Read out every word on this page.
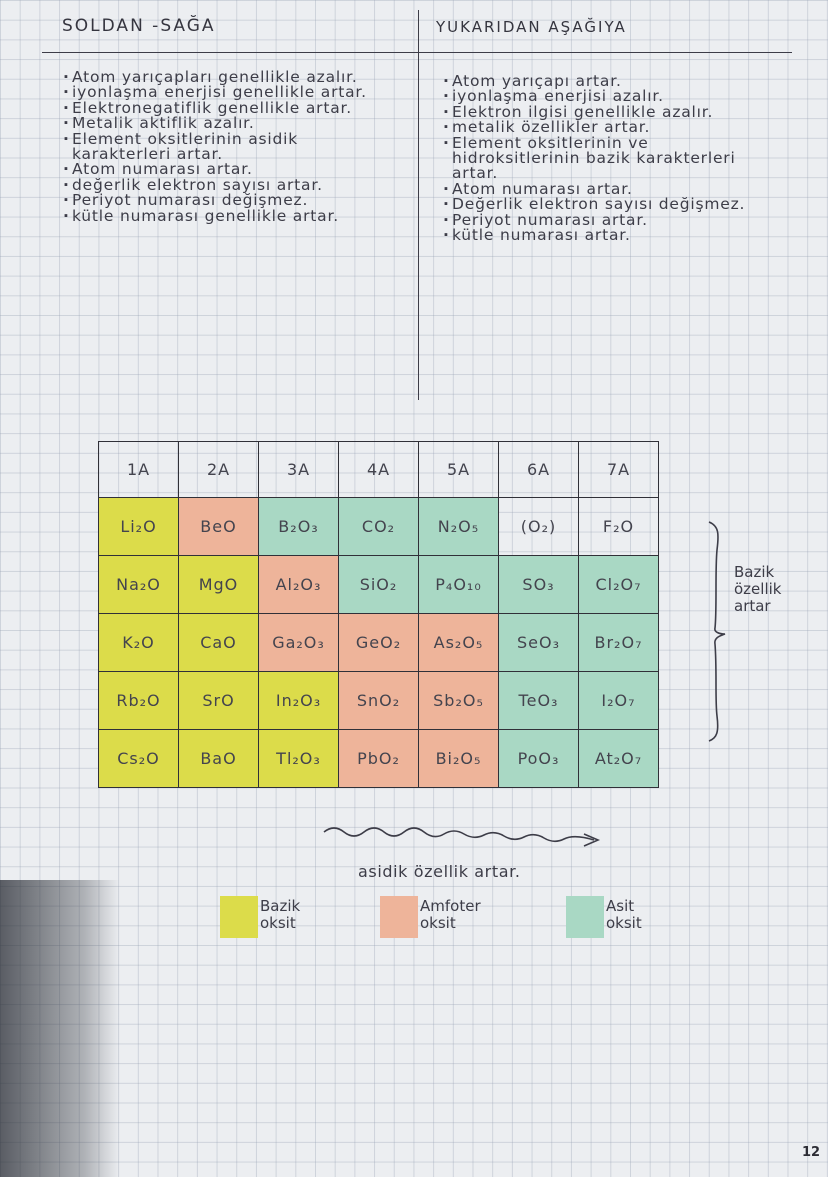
SOLDAN -SAĞA	YUKARIDAN AŞAĞIYA
· Atom yarıçapları genellikle azalır.
· iyonlaşma enerjisi genellikle artar.
· Elektronegatiflik genellikle artar.
· Metalik aktiflik azalır.
· Element oksitlerinin asidik karakterleri artar.
· Atom numarası artar.
· değerlik elektron sayısı artar.
· Periyot numarası değişmez.
· kütle numarası genellikle artar.
· Atom yarıçapı artar.
· iyonlaşma enerjisi azalır.
· Elektron ilgisi genellikle azalır.
· metalik özellikler artar.
· Element oksitlerinin ve hidroksitlerinin bazik karakterleri artar.
· Atom numarası artar.
· Değerlik elektron sayısı değişmez.
· Periyot numarası artar.
· kütle numarası artar.
1A	2A	3A	4A	5A	6A	7A
Li₂O	BeO	B₂O₃	CO₂	N₂O₅	(O₂)	F₂O
Na₂O	MgO	Al₂O₃	SiO₂	P₄O₁₀	SO₃	Cl₂O₇
K₂O	CaO	Ga₂O₃	GeO₂	As₂O₅	SeO₃	Br₂O₇
Rb₂O	SrO	In₂O₃	SnO₂	Sb₂O₅	TeO₃	I₂O₇
Cs₂O	BaO	Tl₂O₃	PbO₂	Bi₂O₅	PoO₃	At₂O₇

Bazik
özellik
artar

asidik özellik artar.
Bazik
oksit
Amfoter
oksit
Asit
oksit
12
